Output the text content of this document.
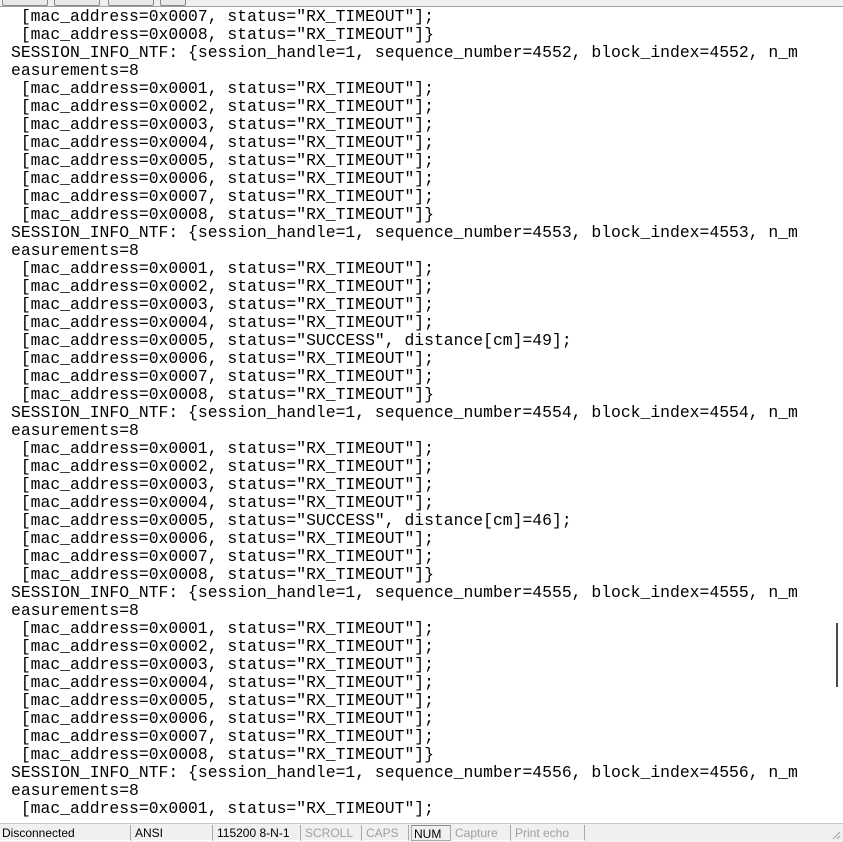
[mac_address=0x0007, status="RX_TIMEOUT"];
[mac_address=0x0008, status="RX_TIMEOUT"]}
SESSION_INFO_NTF: {session_handle=1, sequence_number=4552, block_index=4552, n_m
easurements=8
[mac_address=0x0001, status="RX_TIMEOUT"];
[mac_address=0x0002, status="RX_TIMEOUT"];
[mac_address=0x0003, status="RX_TIMEOUT"];
[mac_address=0x0004, status="RX_TIMEOUT"];
[mac_address=0x0005, status="RX_TIMEOUT"];
[mac_address=0x0006, status="RX_TIMEOUT"];
[mac_address=0x0007, status="RX_TIMEOUT"];
[mac_address=0x0008, status="RX_TIMEOUT"]}
SESSION_INFO_NTF: {session_handle=1, sequence_number=4553, block_index=4553, n_m
easurements=8
[mac_address=0x0001, status="RX_TIMEOUT"];
[mac_address=0x0002, status="RX_TIMEOUT"];
[mac_address=0x0003, status="RX_TIMEOUT"];
[mac_address=0x0004, status="RX_TIMEOUT"];
[mac_address=0x0005, status="SUCCESS", distance[cm]=49];
[mac_address=0x0006, status="RX_TIMEOUT"];
[mac_address=0x0007, status="RX_TIMEOUT"];
[mac_address=0x0008, status="RX_TIMEOUT"]}
SESSION_INFO_NTF: {session_handle=1, sequence_number=4554, block_index=4554, n_m
easurements=8
[mac_address=0x0001, status="RX_TIMEOUT"];
[mac_address=0x0002, status="RX_TIMEOUT"];
[mac_address=0x0003, status="RX_TIMEOUT"];
[mac_address=0x0004, status="RX_TIMEOUT"];
[mac_address=0x0005, status="SUCCESS", distance[cm]=46];
[mac_address=0x0006, status="RX_TIMEOUT"];
[mac_address=0x0007, status="RX_TIMEOUT"];
[mac_address=0x0008, status="RX_TIMEOUT"]}
SESSION_INFO_NTF: {session_handle=1, sequence_number=4555, block_index=4555, n_m
easurements=8
[mac_address=0x0001, status="RX_TIMEOUT"];
[mac_address=0x0002, status="RX_TIMEOUT"];
[mac_address=0x0003, status="RX_TIMEOUT"];
[mac_address=0x0004, status="RX_TIMEOUT"];
[mac_address=0x0005, status="RX_TIMEOUT"];
[mac_address=0x0006, status="RX_TIMEOUT"];
[mac_address=0x0007, status="RX_TIMEOUT"];
[mac_address=0x0008, status="RX_TIMEOUT"]}
SESSION_INFO_NTF: {session_handle=1, sequence_number=4556, block_index=4556, n_m
easurements=8
[mac_address=0x0001, status="RX_TIMEOUT"];
Disconnected	ANSI	115200 8-N-1	SCROLL	CAPS	NUM	Capture	Print echo
